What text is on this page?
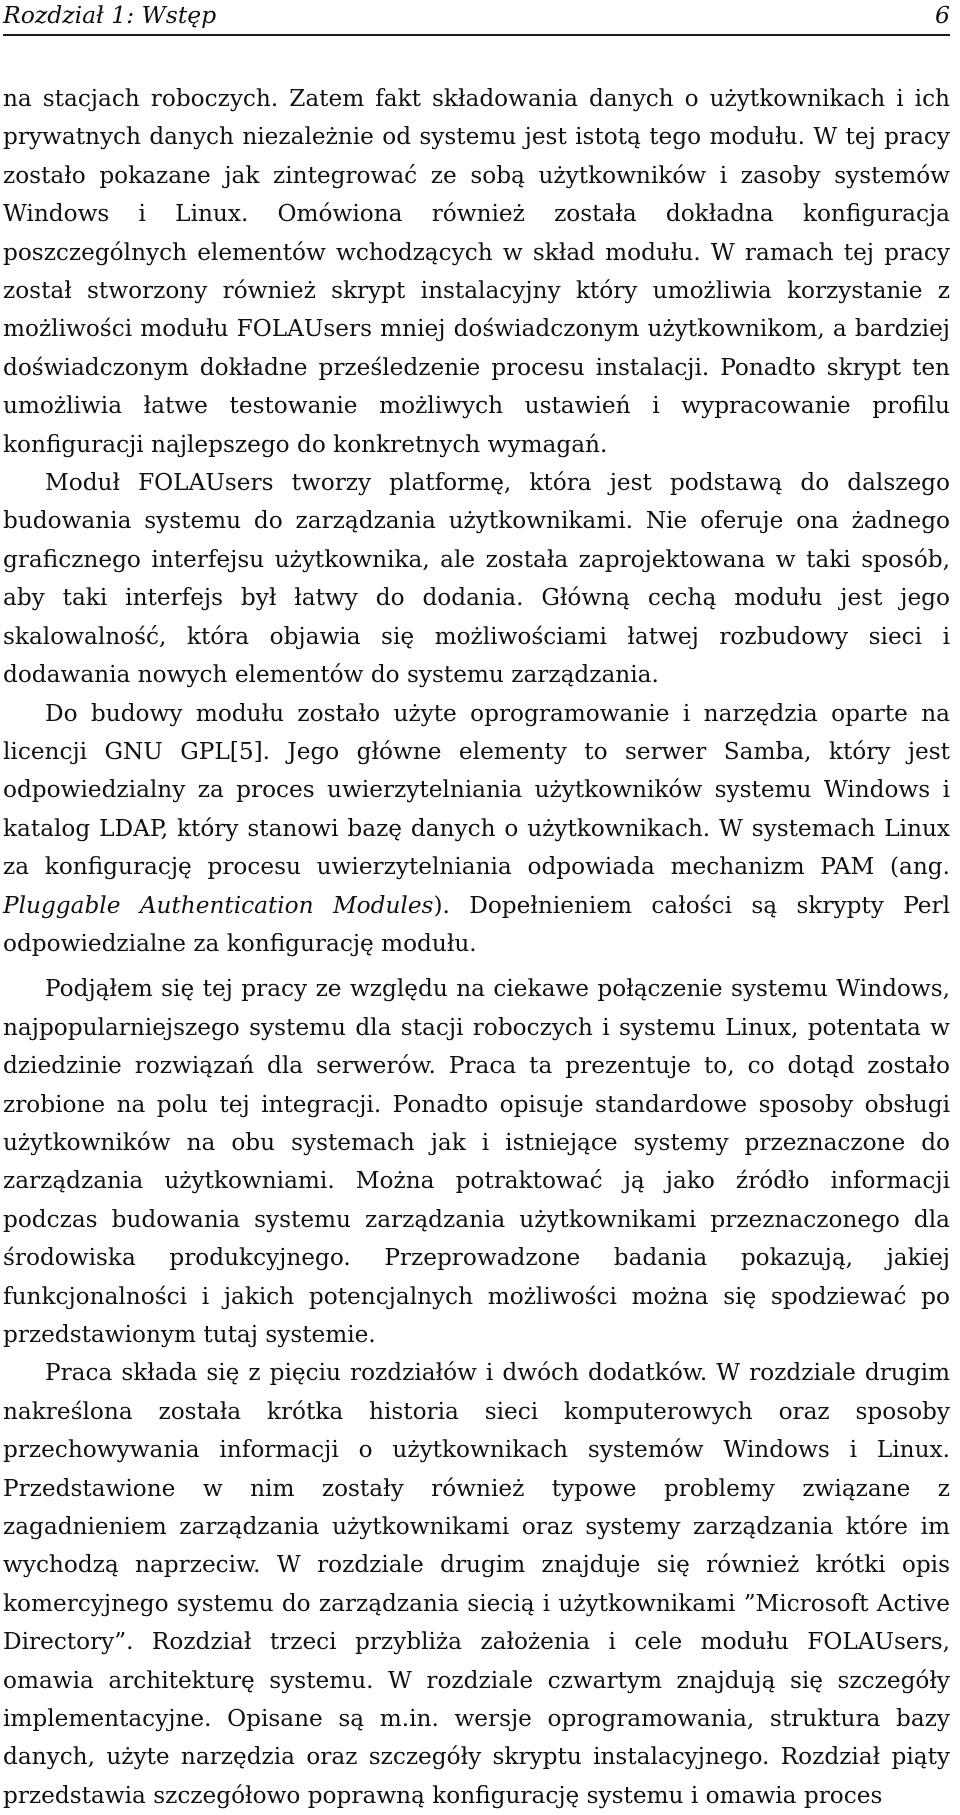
Rozdział 1: Wstęp	6

na stacjach roboczych. Zatem fakt składowania danych o użytkownikach i ich prywatnych danych niezależnie od systemu jest istotą tego modułu. W tej pracy zostało pokazane jak zintegrować ze sobą użytkowników i zasoby systemów Windows i Linux. Omówiona również została dokładna konfiguracja poszczególnych elementów wchodzących w skład modułu. W ramach tej pracy został stworzony również skrypt instalacyjny który umożliwia korzystanie z możliwości modułu FOLAUsers mniej doświadczonym użytkownikom, a bardziej doświadczonym dokładne prześledzenie procesu instalacji. Ponadto skrypt ten umożliwia łatwe testowanie możliwych ustawień i wypracowanie profilu konfiguracji najlepszego do konkretnych wymagań.

Moduł FOLAUsers tworzy platformę, która jest podstawą do dalszego budowania systemu do zarządzania użytkownikami. Nie oferuje ona żadnego graficznego interfejsu użytkownika, ale została zaprojektowana w taki sposób, aby taki interfejs był łatwy do dodania. Główną cechą modułu jest jego skalowalność, która objawia się możliwościami łatwej rozbudowy sieci i dodawania nowych elementów do systemu zarządzania.

Do budowy modułu zostało użyte oprogramowanie i narzędzia oparte na licencji GNU GPL[5]. Jego główne elementy to serwer Samba, który jest odpowiedzialny za proces uwierzytelniania użytkowników systemu Windows i katalog LDAP, który stanowi bazę danych o użytkownikach. W systemach Linux za konfigurację procesu uwierzytelniania odpowiada mechanizm PAM (ang. Pluggable Authentication Modules). Dopełnieniem całości są skrypty Perl odpowiedzialne za konfigurację modułu.

Podjąłem się tej pracy ze względu na ciekawe połączenie systemu Windows, najpopularniejszego systemu dla stacji roboczych i systemu Linux, potentata w dziedzinie rozwiązań dla serwerów. Praca ta prezentuje to, co dotąd zostało zrobione na polu tej integracji. Ponadto opisuje standardowe sposoby obsługi użytkowników na obu systemach jak i istniejące systemy przeznaczone do zarządzania użytkowniami. Można potraktować ją jako źródło informacji podczas budowania systemu zarządzania użytkownikami przeznaczonego dla środowiska produkcyjnego. Przeprowadzone badania pokazują, jakiej funkcjonalności i jakich potencjalnych możliwości można się spodziewać po przedstawionym tutaj systemie.

Praca składa się z pięciu rozdziałów i dwóch dodatków. W rozdziale drugim nakreślona została krótka historia sieci komputerowych oraz sposoby przechowywania informacji o użytkownikach systemów Windows i Linux. Przedstawione w nim zostały również typowe problemy związane z zagadnieniem zarządzania użytkownikami oraz systemy zarządzania które im wychodzą naprzeciw. W rozdziale drugim znajduje się również krótki opis komercyjnego systemu do zarządzania siecią i użytkownikami ”Microsoft Active Directory”. Rozdział trzeci przybliża założenia i cele modułu FOLAUsers, omawia architekturę systemu. W rozdziale czwartym znajdują się szczegóły implementacyjne. Opisane są m.in. wersje oprogramowania, struktura bazy danych, użyte narzędzia oraz szczegóły skryptu instalacyjnego. Rozdział piąty przedstawia szczegółowo poprawną konfigurację systemu i omawia proces
